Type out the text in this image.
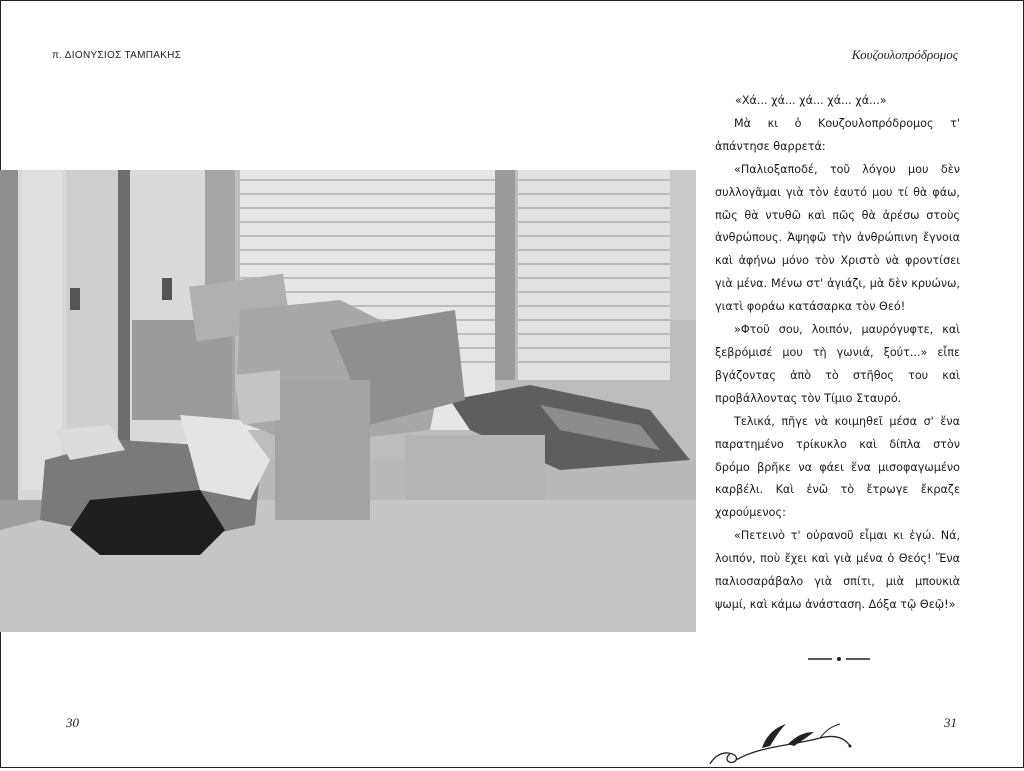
π. ΔΙΟΝΥΣΙΟΣ ΤΑΜΠΑΚΗΣ	Κουζουλοπρόδρομος

«Χά... χά... χά... χά... χά...»

Μὰ κι ὁ Κουζουλοπρόδρομος τ' ἀπάντησε θαρρετά:

«Παλιοξαποδέ, τοῦ λόγου μου δὲν συλλογᾶμαι γιὰ τὸν ἑαυτό μου τί θὰ φάω, πῶς θὰ ντυθῶ καὶ πῶς θὰ ἀρέσω στοὺς ἀνθρώπους. Ἀψηφῶ τὴν ἀνθρώπινη ἔγνοια καὶ ἀφήνω μόνο τὸν Χριστὸ νὰ φροντίσει γιὰ μένα. Μένω στ' ἀγιάζι, μὰ δὲν κρυώνω, γιατὶ φοράω κατάσαρκα τὸν Θεό!

»Φτοῦ σου, λοιπόν, μαυρόγυφτε, καὶ ξεβρόμισέ μου τὴ γωνιά, ξούτ...» εἶπε βγάζοντας ἀπὸ τὸ στῆθος του καὶ προβάλλοντας τὸν Τίμιο Σταυρό.

Τελικά, πῆγε νὰ κοιμηθεῖ μέσα σ' ἕνα παρατημένο τρίκυκλο καὶ δίπλα στὸν δρόμο βρῆκε να φάει ἕνα μισοφαγωμένο καρβέλι. Καὶ ἐνῶ τὸ ἔτρωγε ἔκραζε χαρούμενος:

«Πετεινὸ τ' οὐρανοῦ εἶμαι κι ἐγώ. Νά, λοιπόν, ποὺ ἔχει καὶ γιὰ μένα ὁ Θεός! Ἕνα παλιοσαράβαλο γιὰ σπίτι, μιὰ μπουκιὰ ψωμί, καὶ κάμω ἀνάσταση. Δόξα τῷ Θεῷ!»

30	31
